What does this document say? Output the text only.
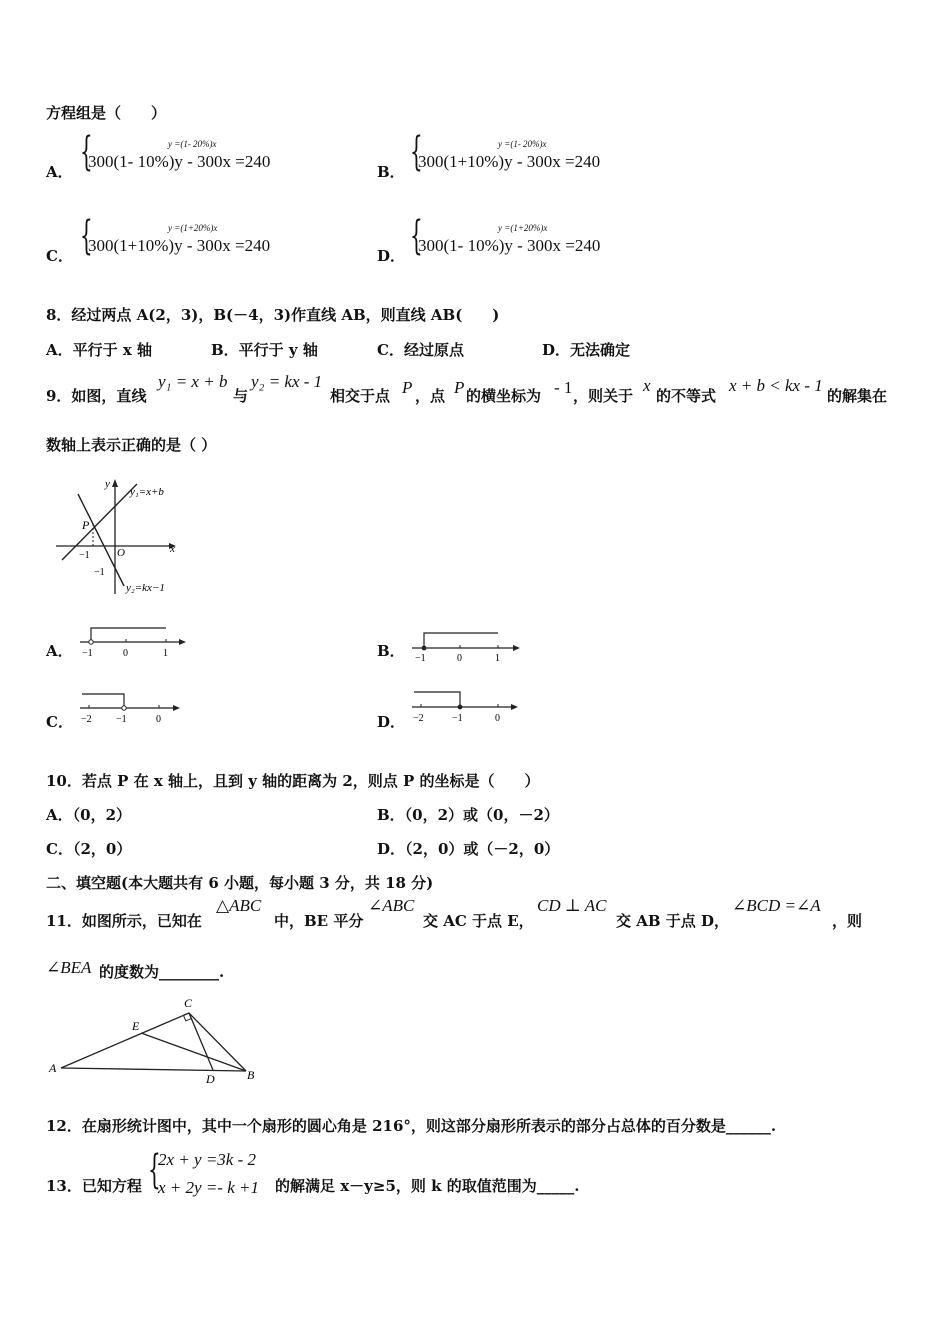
方程组是（　　）
A． {	y =(1- 20%)x
300(1- 10%)y - 300x =240
B． {	y =(1- 20%)x
300(1+10%)y - 300x =240
C． {	y =(1+20%)x
300(1+10%)y - 300x =240
D． {	y =(1+20%)x
300(1- 10%)y - 300x =240
8．经过两点 A(2，3)，B(－4，3)作直线 AB，则直线 AB(　　)
A．平行于 x 轴	B．平行于 y 轴	C．经过原点	D．无法确定
9．如图，直线
y₁ = x + b
与
y₂ = kx - 1
相交于点 P ，点 P 的横坐标为 - 1 ，则关于
x
的不等式
x + b < kx - 1
的解集在
数轴上表示正确的是（ ）
y
x
y₁=x+b
y₂=kx−1
P
O
−1
−1
A． −1	0	1	B． −1	0	1
C． −2 −1	0	D． −2	−1	0
10．若点 P 在 x 轴上，且到 y 轴的距离为 2，则点 P 的坐标是（　　）
A．（0，2）	B．（0，2）或（0，－2）
C．（2，0）	D．（2，0）或（－2，0）
二、填空题(本大题共有 6 小题，每小题 3 分，共 18 分)
11．如图所示，已知在
△ABC
中，BE 平分
∠ABC
交 AC 于点 E，
CD ⊥ AC
交 AB 于点 D，
∠BCD =∠A
，则
∠BEA 的度数为________.
A	B
C
D
E
12．在扇形统计图中，其中一个扇形的圆心角是 216°，则这部分扇形所表示的部分占总体的百分数是______.
13．已知方程 {
2x + y =3k - 2
x + 2y =- k +1 的解满足 x－y≥5，则 k 的取值范围为_____.
